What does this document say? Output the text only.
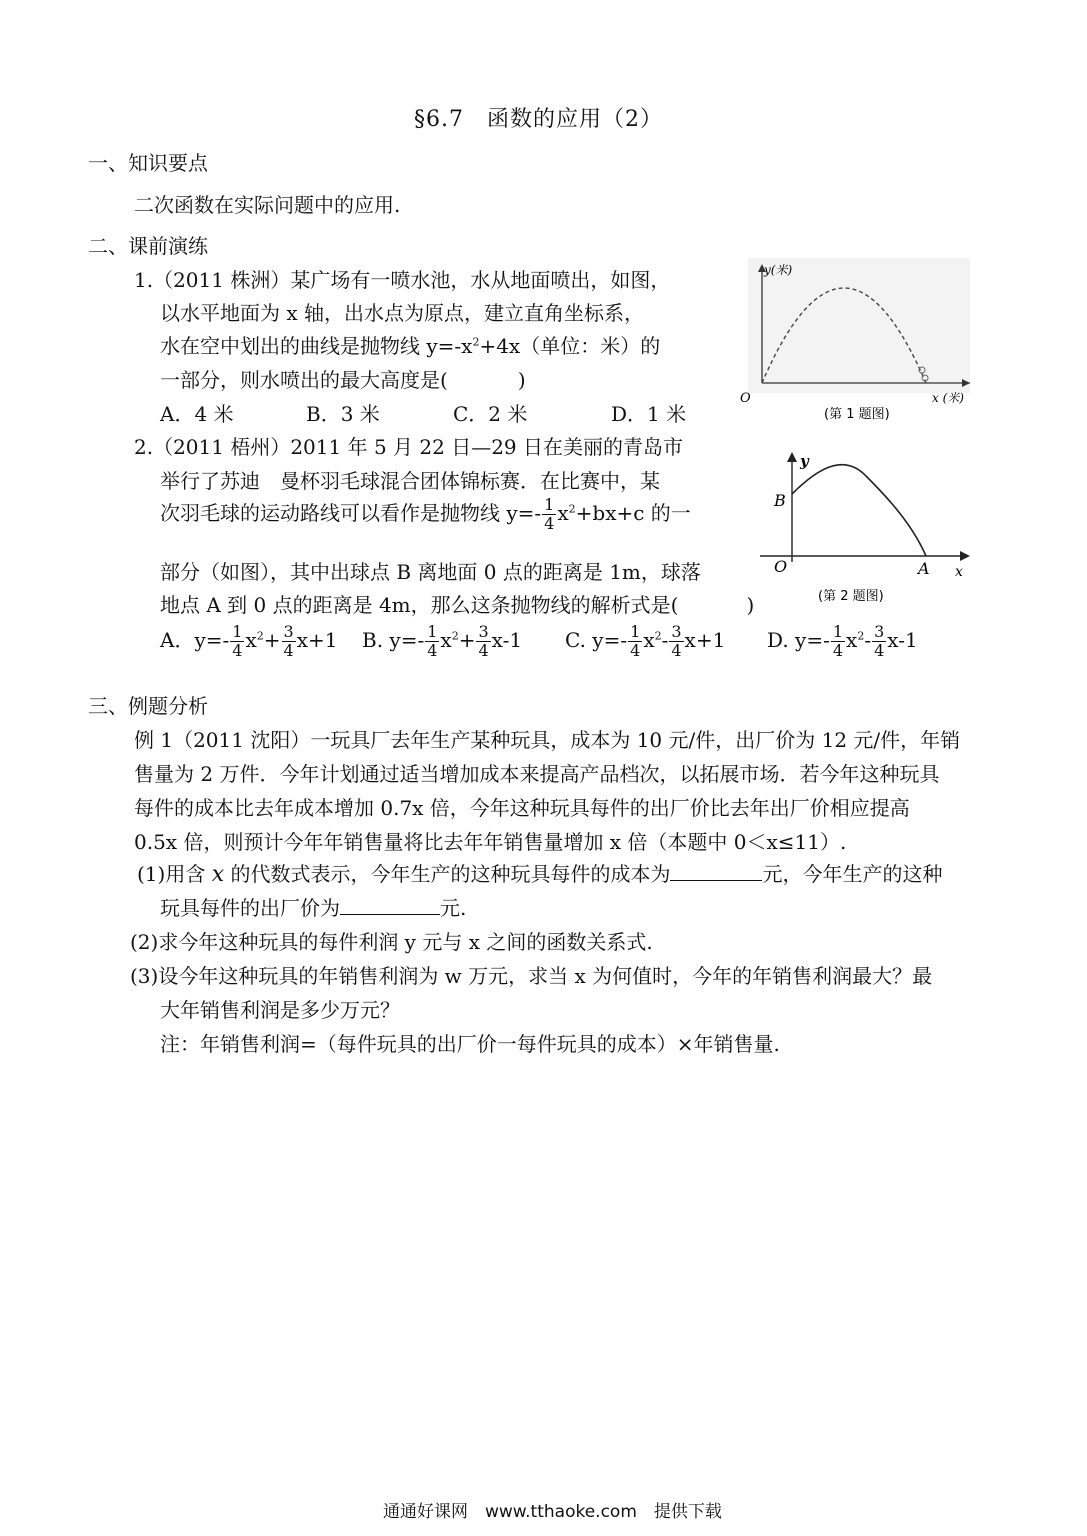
§6.7　函数的应用（2）
一、知识要点
二次函数在实际问题中的应用.
二、课前演练
1.（2011 株洲）某广场有一喷水池，水从地面喷出，如图，
以水平地面为 x 轴，出水点为原点，建立直角坐标系，
水在空中划出的曲线是抛物线 $y=-x^2+4x$（单位：米）的
一部分，则水喷出的最大高度是(	)
A．4 米	B．3 米	C．2 米	D．1 米
y(米)
x (米)
O
(第 1 题图)
2.（2011 梧州）2011 年 5 月 22 日—29 日在美丽的青岛市
举行了苏迪　曼杯羽毛球混合团体锦标赛．在比赛中，某
次羽毛球的运动路线可以看作是抛物线 $y=- \frac{1}{4} x^2+bx+c$ 的一
部分（如图），其中出球点 B 离地面 0 点的距离是 1m，球落
地点 A 到 0 点的距离是 4m，那么这条抛物线的解析式是(	)
A．$y=- \frac{1}{4} x^2+ \frac{3}{4} x+1$ B. $y=- \frac{1}{4} x^2+ \frac{3}{4} x-1$ C. $y=- \frac{1}{4} x^2- \frac{3}{4} x+1$ D. $y=- \frac{1}{4} x^2- \frac{3}{4} x-1$
y
B
O	A x
(第 2 题图)
三、例题分析
例 1（2011 沈阳）一玩具厂去年生产某种玩具，成本为 10 元/件，出厂价为 12 元/件，年销
售量为 2 万件．今年计划通过适当增加成本来提高产品档次，以拓展市场．若今年这种玩具
每件的成本比去年成本增加 0.7x 倍，今年这种玩具每件的出厂价比去年出厂价相应提高
0.5x 倍，则预计今年年销售量将比去年年销售量增加 x 倍（本题中 0＜x≤11）.
(1)用含 x 的代数式表示，今年生产的这种玩具每件的成本为	元，今年生产的这种
玩具每件的出厂价为	元.
(2)求今年这种玩具的每件利润 y 元与 x 之间的函数关系式.
(3)设今年这种玩具的年销售利润为 w 万元，求当 x 为何值时，今年的年销售利润最大？最
大年销售利润是多少万元？
注：年销售利润=（每件玩具的出厂价一每件玩具的成本）×年销售量.
通通好课网　www.tthaoke.com　提供下载
